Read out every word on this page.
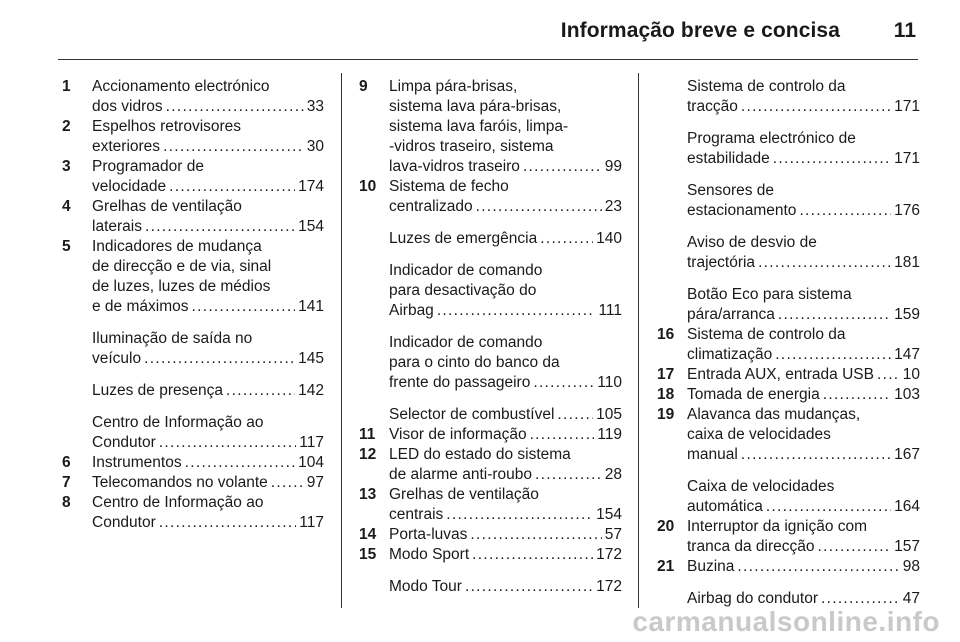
Informação breve e concisa	11
1 Accionamento electrónico
dos vidros . . .	33
2 Espelhos retrovisores
exteriores . . .	30
3 Programador de
velocidade . . .	174
4 Grelhas de ventilação
laterais . . .	154
5 Indicadores de mudança
de direcção e de via, sinal
de luzes, luzes de médios
e de máximos . . .	141
Iluminação de saída no
veículo . . .	145
Luzes de presença . . .	142
Centro de Informação ao
Condutor . . .	117
6 Instrumentos . . .	104
7 Telecomandos no volante . . .	97
8 Centro de Informação ao
Condutor . . .	117
9 Limpa pára-brisas,
sistema lava pára-brisas,
sistema lava faróis, limpa-
-vidros traseiro, sistema
lava-vidros traseiro . . .	99
10 Sistema de fecho
centralizado . . .	23
Luzes de emergência . . .	140
Indicador de comando
para desactivação do
Airbag . . .	111
Indicador de comando
para o cinto do banco da
frente do passageiro . . .	110
Selector de combustível . . .	105
11 Visor de informação . . .	119
12 LED do estado do sistema
de alarme anti-roubo . . .	28
13 Grelhas de ventilação
centrais . . .	154
14 Porta-luvas . . .	57
15 Modo Sport . . .	172
Modo Tour . . .	172
Sistema de controlo da
tracção . . .	171
Programa electrónico de
estabilidade . . .	171
Sensores de
estacionamento . . .	176
Aviso de desvio de
trajectória . . .	181
Botão Eco para sistema
pára/arranca . . .	159
16 Sistema de controlo da
climatização . . .	147
17 Entrada AUX, entrada USB . . . 10
18 Tomada de energia . . .	103
19 Alavanca das mudanças,
caixa de velocidades
manual . . .	167
Caixa de velocidades
automática . . .	164
20 Interruptor da ignição com
tranca da direcção . . .	157
21 Buzina . . .	98
Airbag do condutor . . .	47
carmanualsonline.info
